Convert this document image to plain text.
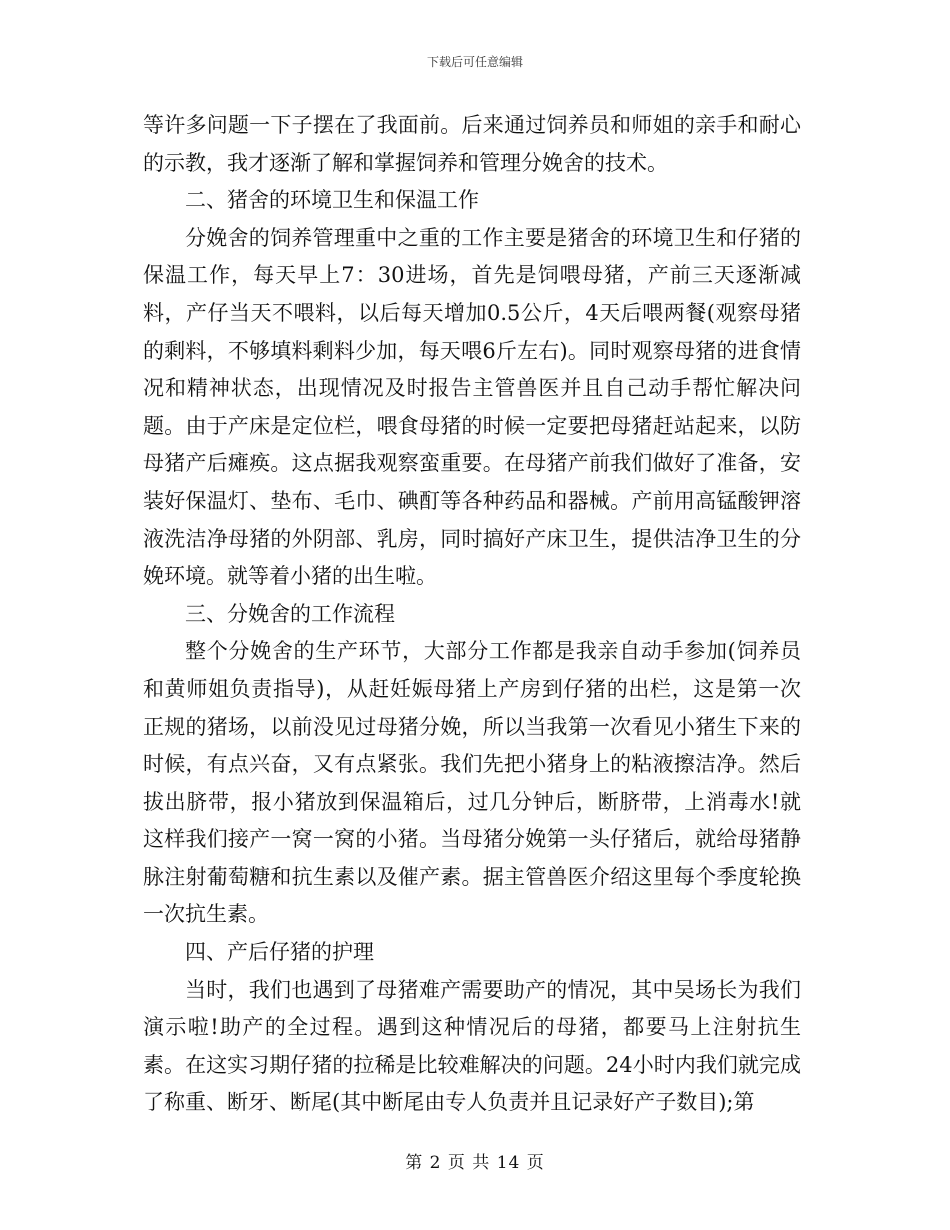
下载后可任意编辑

等许多问题一下子摆在了我面前。后来通过饲养员和师姐的亲手和耐心的示教，我才逐渐了解和掌握饲养和管理分娩舍的技术。

二、猪舍的环境卫生和保温工作

分娩舍的饲养管理重中之重的工作主要是猪舍的环境卫生和仔猪的保温工作，每天早上7：30进场，首先是饲喂母猪，产前三天逐渐减料，产仔当天不喂料，以后每天增加0.5公斤，4天后喂两餐(观察母猪的剩料，不够填料剩料少加，每天喂6斤左右)。同时观察母猪的进食情况和精神状态，出现情况及时报告主管兽医并且自己动手帮忙解决问题。由于产床是定位栏，喂食母猪的时候一定要把母猪赶站起来，以防母猪产后瘫痪。这点据我观察蛮重要。在母猪产前我们做好了准备，安装好保温灯、垫布、毛巾、碘酊等各种药品和器械。产前用高锰酸钾溶液洗洁净母猪的外阴部、乳房，同时搞好产床卫生，提供洁净卫生的分娩环境。就等着小猪的出生啦。

三、分娩舍的工作流程

整个分娩舍的生产环节，大部分工作都是我亲自动手参加(饲养员和黄师姐负责指导)，从赶妊娠母猪上产房到仔猪的出栏，这是第一次正规的猪场，以前没见过母猪分娩，所以当我第一次看见小猪生下来的时候，有点兴奋，又有点紧张。我们先把小猪身上的粘液擦洁净。然后拔出脐带，报小猪放到保温箱后，过几分钟后，断脐带，上消毒水!就这样我们接产一窝一窝的小猪。当母猪分娩第一头仔猪后，就给母猪静脉注射葡萄糖和抗生素以及催产素。据主管兽医介绍这里每个季度轮换一次抗生素。

四、产后仔猪的护理

当时，我们也遇到了母猪难产需要助产的情况，其中吴场长为我们演示啦!助产的全过程。遇到这种情况后的母猪，都要马上注射抗生素。在这实习期仔猪的拉稀是比较难解决的问题。24小时内我们就完成了称重、断牙、断尾(其中断尾由专人负责并且记录好产子数目);第

第 2 页 共 14 页
